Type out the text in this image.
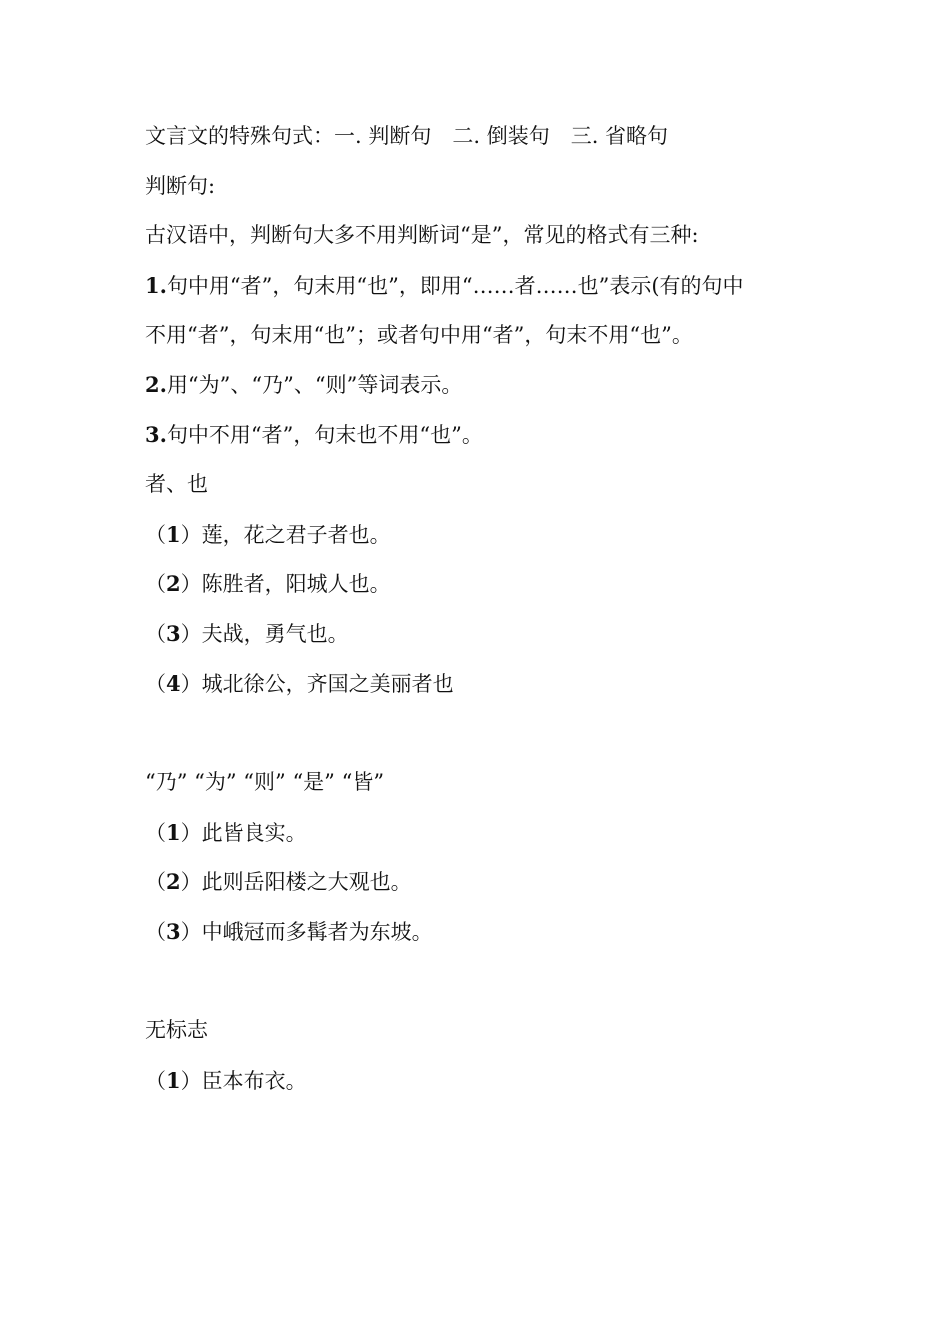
文言文的特殊句式：一. 判断句　二. 倒装句　三. 省略句
判断句:
古汉语中，判断句大多不用判断词“是”，常见的格式有三种:
1.句中用“者”，句末用“也”，即用“……者……也”表示(有的句中
不用“者”，句末用“也”；或者句中用“者”，句末不用“也”。
2.用“为”、“乃”、“则”等词表示。
3.句中不用“者”，句末也不用“也”。
者、也
（1）莲，花之君子者也。
（2）陈胜者，阳城人也。
（3）夫战，勇气也。
（4）城北徐公，齐国之美丽者也
“乃” “为” “则” “是” “皆”
（1）此皆良实。
（2）此则岳阳楼之大观也。
（3）中峨冠而多髯者为东坡。
无标志
（1）臣本布衣。
